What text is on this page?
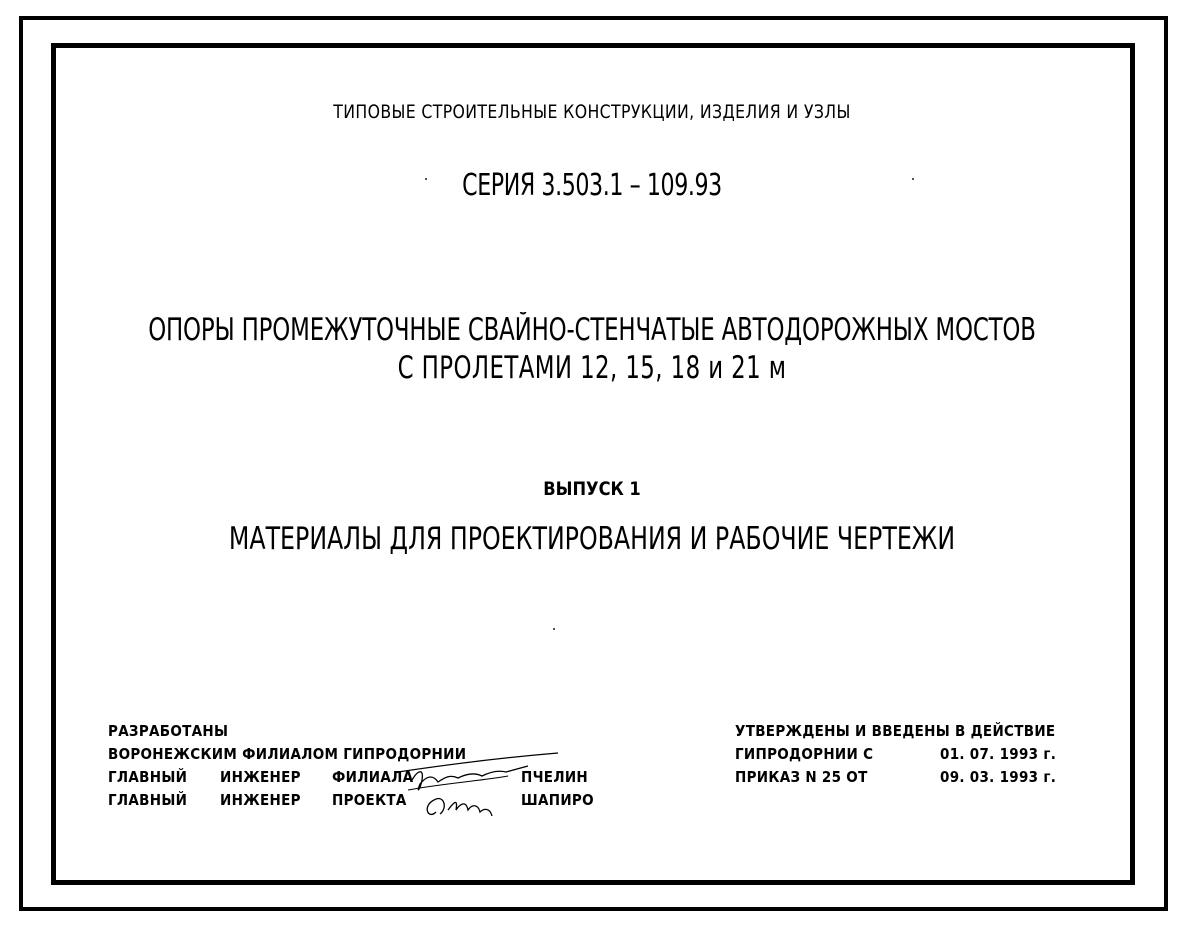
ТИПОВЫЕ СТРОИТЕЛЬНЫЕ КОНСТРУКЦИИ, ИЗДЕЛИЯ И УЗЛЫ
СЕРИЯ 3.503.1 – 109.93
ОПОРЫ ПРОМЕЖУТОЧНЫЕ СВАЙНО-СТЕНЧАТЫЕ АВТОДОРОЖНЫХ МОСТОВ
С ПРОЛЕТАМИ 12, 15, 18 и 21 м
ВЫПУСК 1
МАТЕРИАЛЫ ДЛЯ ПРОЕКТИРОВАНИЯ И РАБОЧИЕ ЧЕРТЕЖИ
РАЗРАБОТАНЫ
ВОРОНЕЖСКИМ ФИЛИАЛОМ ГИПРОДОРНИИ
ГЛАВНЫЙ ИНЖЕНЕР ФИЛИАЛА	ПЧЕЛИН
ГЛАВНЫЙ ИНЖЕНЕР ПРОЕКТА	ШАПИРО
УТВЕРЖДЕНЫ И ВВЕДЕНЫ В ДЕЙСТВИЕ
ГИПРОДОРНИИ С	01. 07. 1993 г.
ПРИКАЗ N 25 ОТ	09. 03. 1993 г.
